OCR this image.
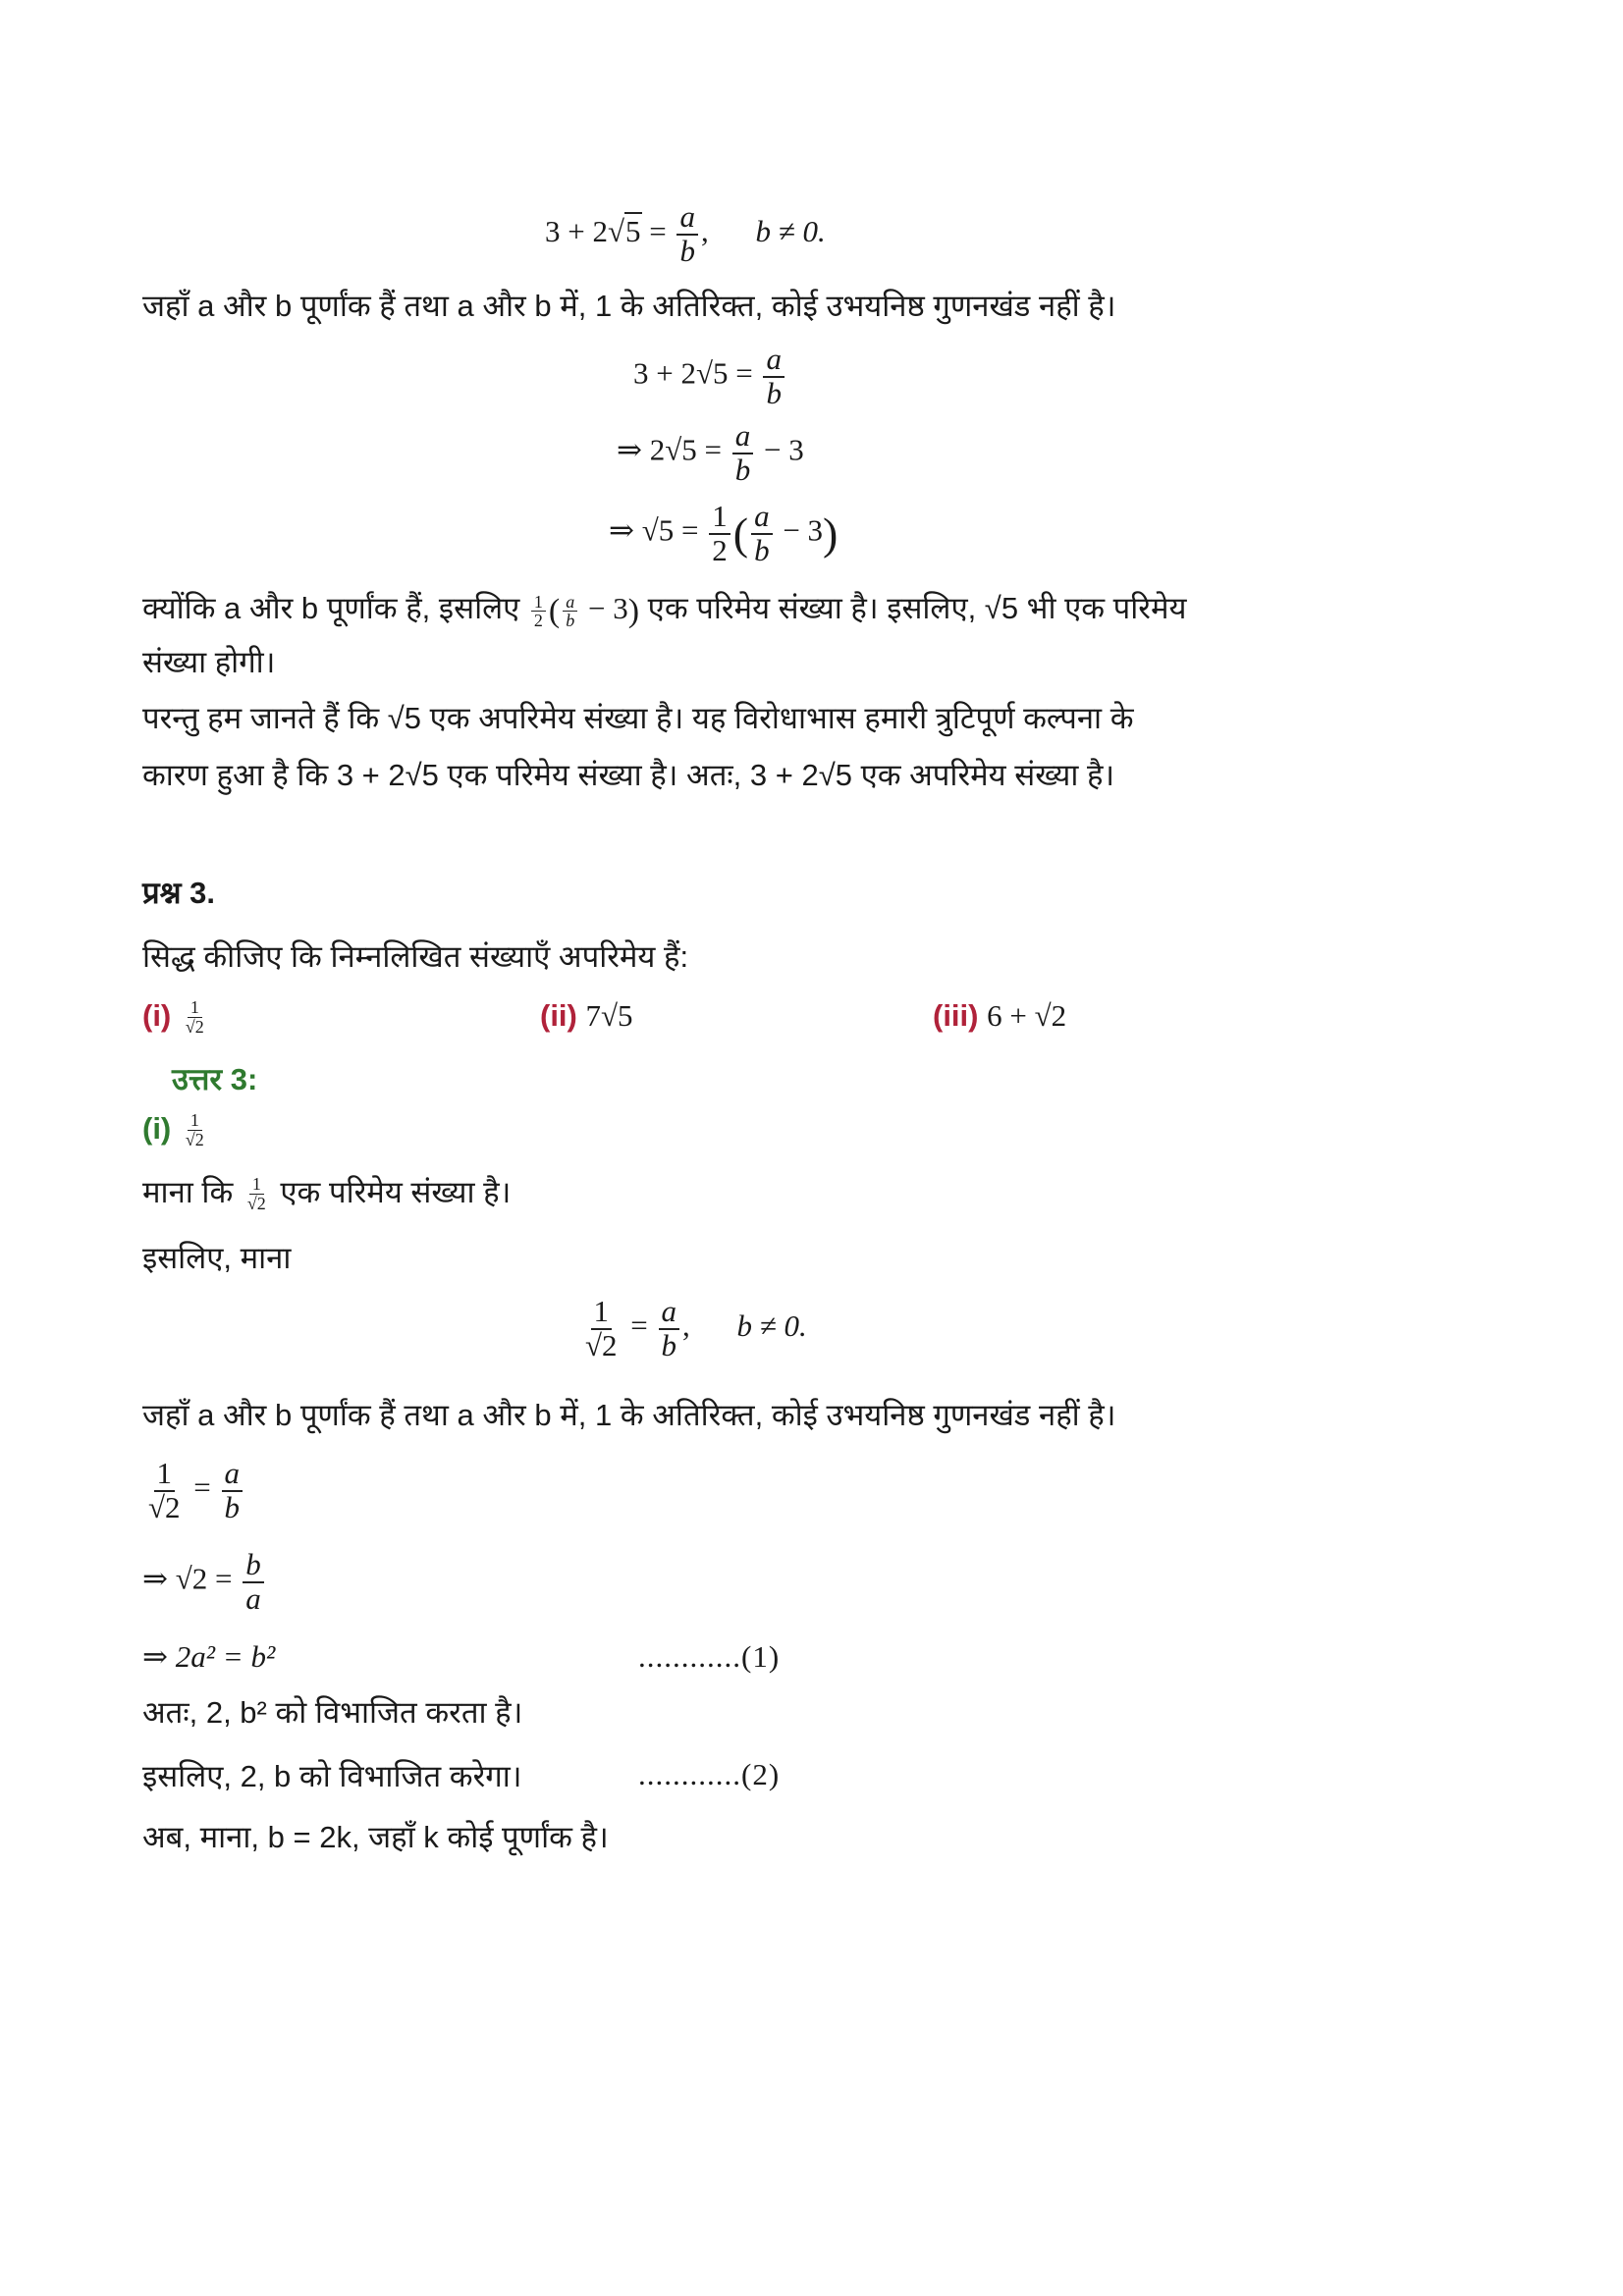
$3 + 2√5 = \frac{a}{b}$ , b ≠ 0.
जहाँ a और b पूर्णांक हैं तथा a और b में, 1 के अतिरिक्त, कोई उभयनिष्ठ गुणनखंड नहीं है।
$3 + 2√5 = \frac{a}{b}$
⇒ $2√5 = \frac{a}{b} - 3$
⇒ $√5 = \frac{1}{2}$ ( $\frac{a}{b} - 3$)
क्योंकि a और b पूर्णांक हैं, इसलिए $\frac{1}{2}$ ( $\frac{a}{b} - 3$) एक परिमेय संख्या है। इसलिए, √5 भी एक परिमेय
संख्या होगी।
परन्तु हम जानते हैं कि √5 एक अपरिमेय संख्या है। यह विरोधाभास हमारी त्रुटिपूर्ण कल्पना के
कारण हुआ है कि 3 + 2√5 एक परिमेय संख्या है। अतः, 3 + 2√5 एक अपरिमेय संख्या है।
प्रश्न 3.
सिद्ध कीजिए कि निम्नलिखित संख्याएँ अपरिमेय हैं:
$(i) \frac{1}{√2}$	(ii) 7√5	(iii) 6 + √2
उत्तर 3:
$(i) \frac{1}{√2}$
माना कि $\frac{1}{√2}$ एक परिमेय संख्या है।
इसलिए, माना
$\frac{1}{√2} = \frac{a}{b}$ , b ≠ 0.
जहाँ a और b पूर्णांक हैं तथा a और b में, 1 के अतिरिक्त, कोई उभयनिष्ठ गुणनखंड नहीं है।
$\frac{1}{√2} = \frac{a}{b}$
⇒ $√2 = \frac{b}{a}$
⇒ 2a² = b²	............(1)
अतः, 2, b² को विभाजित करता है।
इसलिए, 2, b को विभाजित करेगा।	............(2)
अब, माना, b = 2k, जहाँ k कोई पूर्णांक है।
